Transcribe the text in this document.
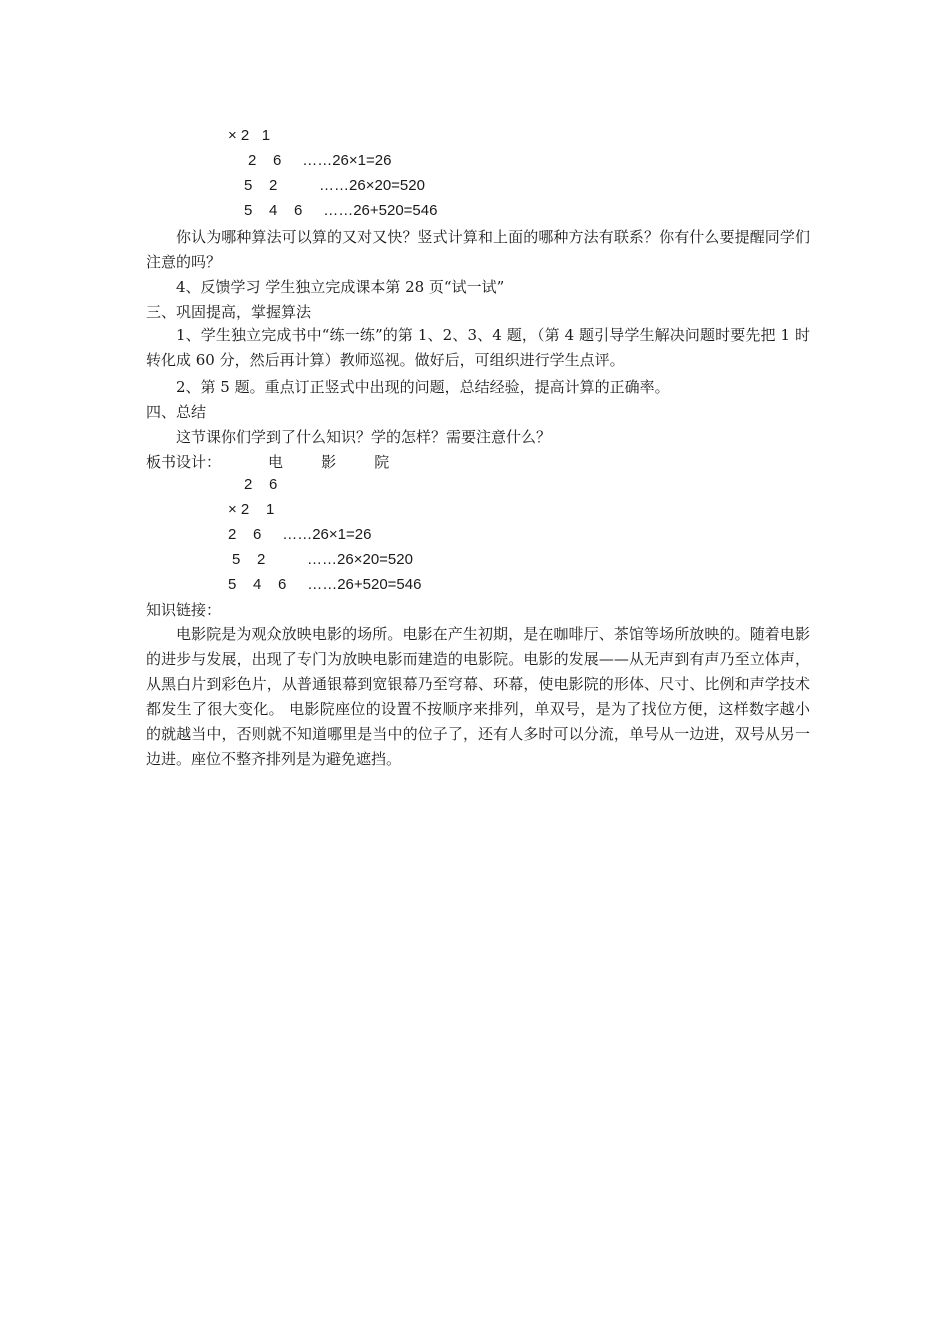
× 2   1
2    6     ……26×1=26
5    2          ……26×20=520
5    4    6     ……26+520=546
你认为哪种算法可以算的又对又快？竖式计算和上面的哪种方法有联系？你有什么要提醒同学们注意的吗？
4、反馈学习 学生独立完成课本第 28 页“试一试”
三、巩固提高，掌握算法
1、学生独立完成书中“练一练”的第 1、2、3、4 题，（第 4 题引导学生解决问题时要先把 1 时转化成 60 分，然后再计算）教师巡视。做好后，可组织进行学生点评。
2、第 5 题。重点订正竖式中出现的问题，总结经验，提高计算的正确率。
四、总结
这节课你们学到了什么知识？学的怎样？需要注意什么？
板书设计：	电        影        院
2    6
× 2    1
2    6     ……26×1=26
5    2          ……26×20=520
5    4    6     ……26+520=546
知识链接：
电影院是为观众放映电影的场所。电影在产生初期，是在咖啡厅、茶馆等场所放映的。随着电影的进步与发展，出现了专门为放映电影而建造的电影院。电影的发展——从无声到有声乃至立体声，从黑白片到彩色片，从普通银幕到宽银幕乃至穹幕、环幕，使电影院的形体、尺寸、比例和声学技术都发生了很大变化。 电影院座位的设置不按顺序来排列，单双号，是为了找位方便，这样数字越小的就越当中，否则就不知道哪里是当中的位子了，还有人多时可以分流，单号从一边进，双号从另一边进。座位不整齐排列是为避免遮挡。
